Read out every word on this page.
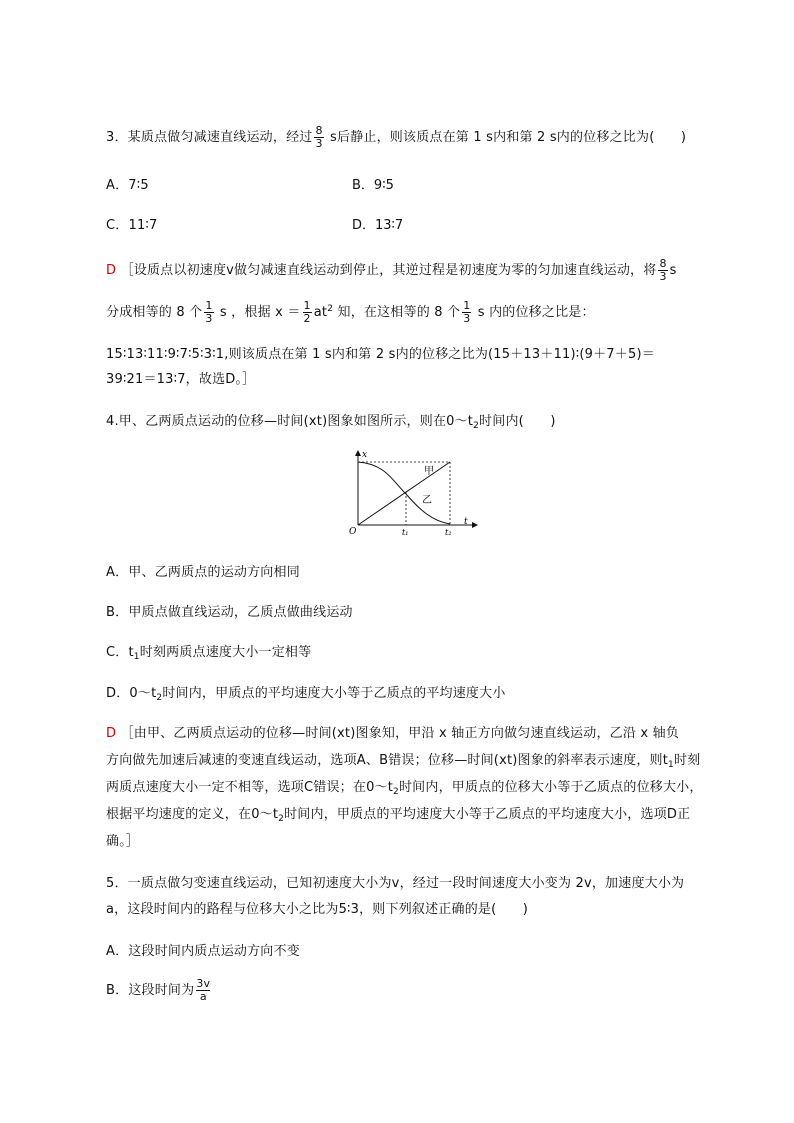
3．某质点做匀减速直线运动，经过 $\frac{8}{3}$ s后静止，则该质点在第 1 s内和第 2 s内的位移之比为(　　)
A．7∶5	B．9∶5
C．11∶7	D．13∶7
D ［设质点以初速度v做匀减速直线运动到停止，其逆过程是初速度为零的匀加速直线运动，将 $\frac{8}{3}$ s
分成相等的 8 个 $\frac{1}{3}$ s ，根据 $x = \frac{1}{2} at^2$ 知，在这相等的 8 个 $\frac{1}{3}$ s 内的位移之比是：
15∶13∶11∶9∶7∶5∶3∶1,则该质点在第 1 s内和第 2 s内的位移之比为(15＋13＋11)∶(9＋7＋5)＝
39∶21＝13∶7，故选D。］
4.甲、乙两质点运动的位移—时间(xt)图象如图所示，则在$0\sim t_2$时间内(　　)
x
t
O	t₁	t₂
甲
乙
A．甲、乙两质点的运动方向相同
B．甲质点做直线运动，乙质点做曲线运动
C．$t_1$时刻两质点速度大小一定相等
D．$0\sim t_2$时间内，甲质点的平均速度大小等于乙质点的平均速度大小
D ［由甲、乙两质点运动的位移—时间(xt)图象知，甲沿 x 轴正方向做匀速直线运动，乙沿 x 轴负
方向做先加速后减速的变速直线运动，选项A、B错误；位移—时间(xt)图象的斜率表示速度，则$t_1$时刻
两质点速度大小一定不相等，选项C错误；在$0\sim t_2$时间内，甲质点的位移大小等于乙质点的位移大小，
根据平均速度的定义，在$0\sim t_2$时间内，甲质点的平均速度大小等于乙质点的平均速度大小，选项D正
确。］
5．一质点做匀变速直线运动，已知初速度大小为v，经过一段时间速度大小变为 2v，加速度大小为
a，这段时间内的路程与位移大小之比为5∶3，则下列叙述正确的是(　　)
A．这段时间内质点运动方向不变
B．这段时间为 $\frac{3v}{a}$
